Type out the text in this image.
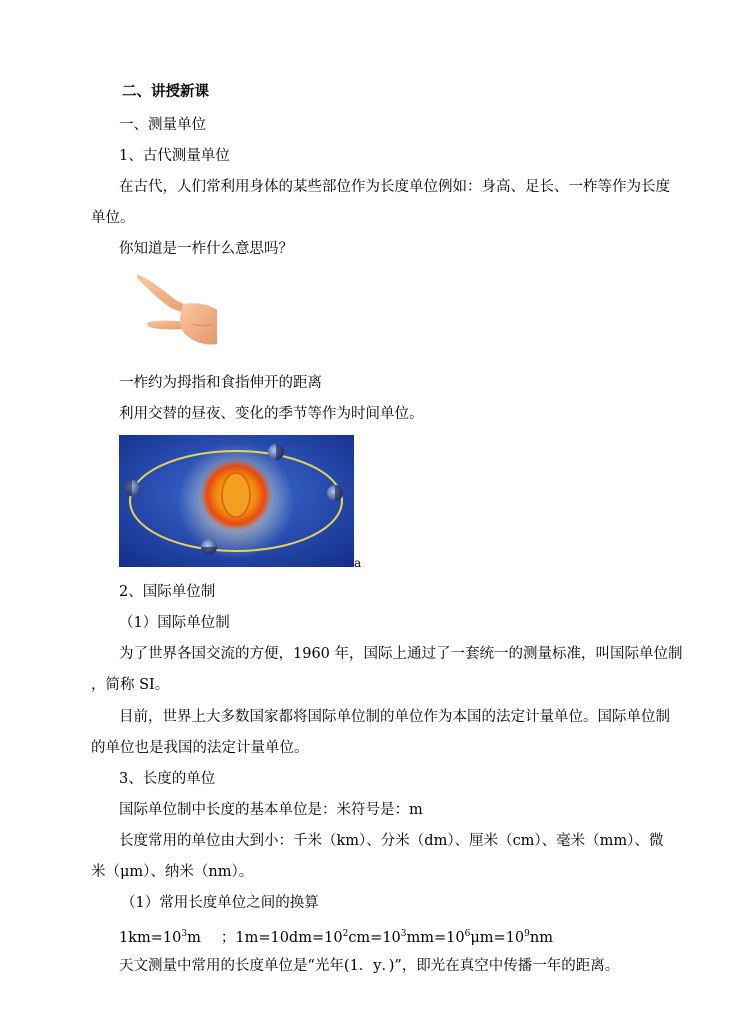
二、讲授新课
一、测量单位
1、古代测量单位
在古代，人们常利用身体的某些部位作为长度单位例如：身高、足长、一柞等作为长度
单位。
你知道是一柞什么意思吗？
一柞约为拇指和食指伸开的距离
利用交替的昼夜、变化的季节等作为时间单位。
a
2、国际单位制
（1）国际单位制
为了世界各国交流的方便，1960 年，国际上通过了一套统一的测量标准，叫国际单位制
，简称 SI。
目前，世界上大多数国家都将国际单位制的单位作为本国的法定计量单位。国际单位制
的单位也是我国的法定计量单位。
3、长度的单位
国际单位制中长度的基本单位是：米符号是：m
长度常用的单位由大到小：千米（km）、分米（dm）、厘米（cm）、毫米（mm）、微
米（μm）、纳米（nm）。
（1）常用长度单位之间的换算
$1km=10^3m$ ；$1m=10dm=10^2cm=10^3mm=10^6\mu m=10^9nm$
天文测量中常用的长度单位是“光年(1．y．)”，即光在真空中传播一年的距离。
